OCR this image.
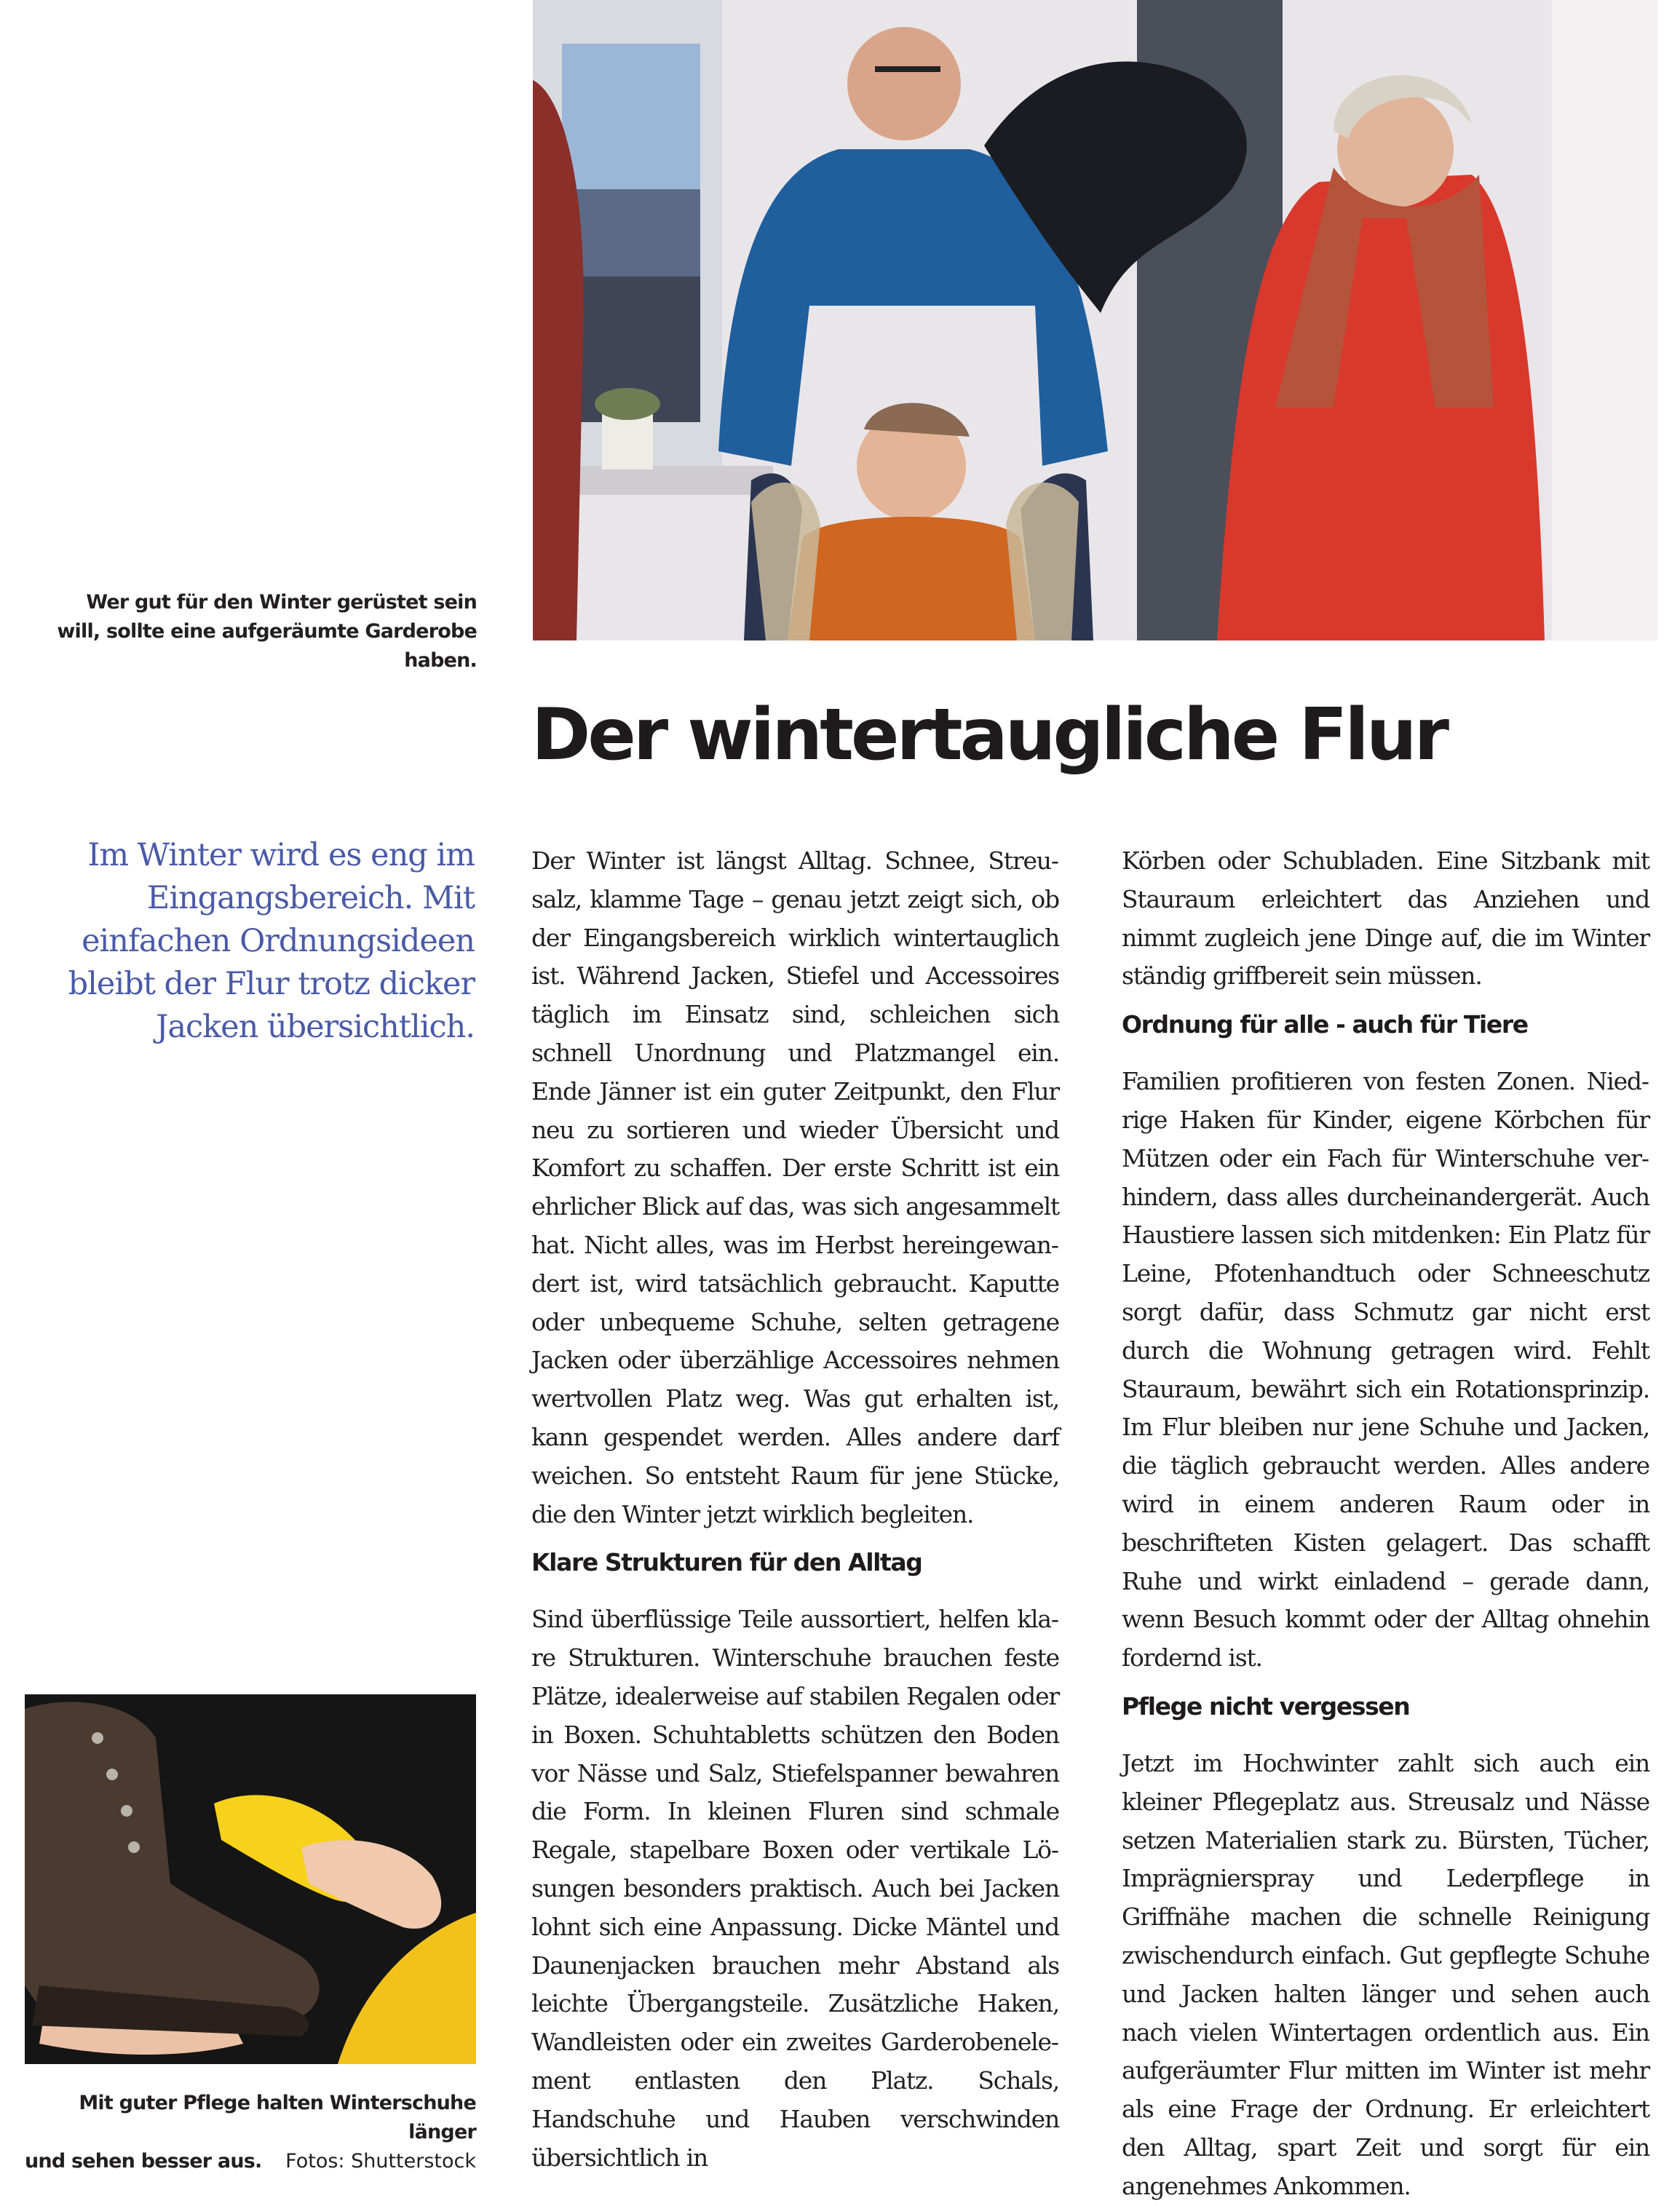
Wer gut für den Winter gerüstet sein will, sollte eine aufgeräumte Garderobe haben.
Der wintertaugliche Flur
Im Winter wird es eng im Eingangsbereich. Mit einfachen Ordnungsideen bleibt der Flur trotz dicker Jacken übersichtlich.
Mit guter Pflege halten Winterschuhe länger
und sehen besser aus. Fotos: Shutterstock

Der Winter ist längst Alltag. Schnee, Streusalz, klamme Tage – genau jetzt zeigt sich, ob der Eingangsbereich wirklich wintertauglich ist. Während Jacken, Stiefel und Accessoires täglich im Einsatz sind, schleichen sich schnell Unordnung und Platzmangel ein. Ende Jänner ist ein guter Zeitpunkt, den Flur neu zu sortieren und wieder Übersicht und Komfort zu schaffen. Der erste Schritt ist ein ehrlicher Blick auf das, was sich angesammelt hat. Nicht alles, was im Herbst hereingewandert ist, wird tatsächlich gebraucht. Kaputte oder unbequeme Schuhe, selten getragene Jacken oder überzählige Accessoires nehmen wertvollen Platz weg. Was gut erhalten ist, kann gespendet werden. Alles andere darf weichen. So entsteht Raum für jene Stücke, die den Winter jetzt wirklich begleiten.

Klare Strukturen für den Alltag

Sind überflüssige Teile aussortiert, helfen klare Strukturen. Winterschuhe brauchen feste Plätze, idealerweise auf stabilen Regalen oder in Boxen. Schuhtabletts schützen den Boden vor Nässe und Salz, Stiefelspanner bewahren die Form. In kleinen Fluren sind schmale Regale, stapelbare Boxen oder vertikale Lösungen besonders praktisch. Auch bei Jacken lohnt sich eine Anpassung. Dicke Mäntel und Daunenjacken brauchen mehr Abstand als leichte Übergangsteile. Zusätzliche Haken, Wandleisten oder ein zweites Garderobenelement entlasten den Platz. Schals, Handschuhe und Hauben verschwinden übersichtlich in

Körben oder Schubladen. Eine Sitzbank mit Stauraum erleichtert das Anziehen und nimmt zugleich jene Dinge auf, die im Winter ständig griffbereit sein müssen.

Ordnung für alle - auch für Tiere

Familien profitieren von festen Zonen. Niedrige Haken für Kinder, eigene Körbchen für Mützen oder ein Fach für Winterschuhe verhindern, dass alles durcheinandergerät. Auch Haustiere lassen sich mitdenken: Ein Platz für Leine, Pfotenhandtuch oder Schneeschutz sorgt dafür, dass Schmutz gar nicht erst durch die Wohnung getragen wird. Fehlt Stauraum, bewährt sich ein Rotationsprinzip. Im Flur bleiben nur jene Schuhe und Jacken, die täglich gebraucht werden. Alles andere wird in einem anderen Raum oder in beschrifteten Kisten gelagert. Das schafft Ruhe und wirkt einladend – gerade dann, wenn Besuch kommt oder der Alltag ohnehin fordernd ist.

Pflege nicht vergessen

Jetzt im Hochwinter zahlt sich auch ein kleiner Pflegeplatz aus. Streusalz und Nässe setzen Materialien stark zu. Bürsten, Tücher, Imprägnierspray und Lederpflege in Griffnähe machen die schnelle Reinigung zwischendurch einfach. Gut gepflegte Schuhe und Jacken halten länger und sehen auch nach vielen Wintertagen ordentlich aus. Ein aufgeräumter Flur mitten im Winter ist mehr als eine Frage der Ordnung. Er erleichtert den Alltag, spart Zeit und sorgt für ein angenehmes Ankommen.
